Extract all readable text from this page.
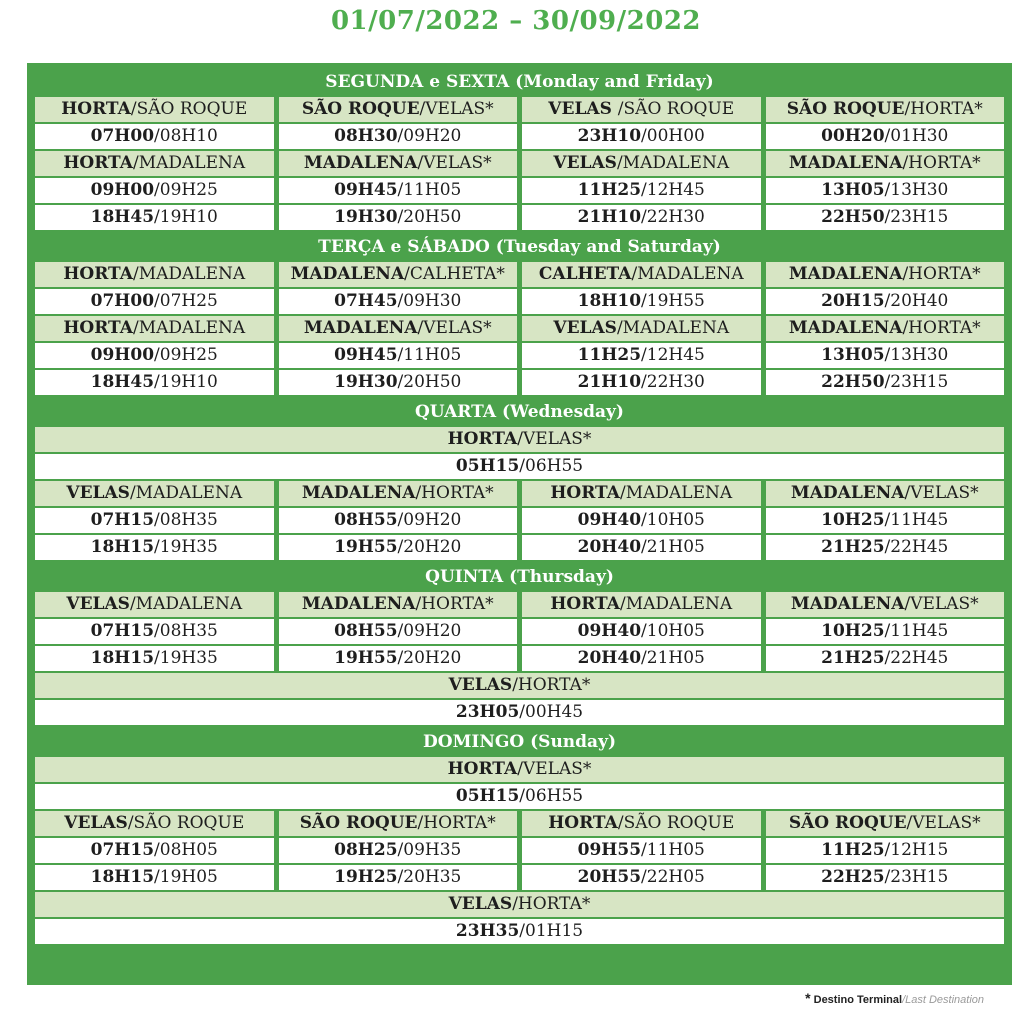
01/07/2022 – 30/09/2022
SEGUNDA e SEXTA (Monday and Friday)
HORTA/SÃO ROQUE	SÃO ROQUE/VELAS*	VELAS /SÃO ROQUE	SÃO ROQUE/HORTA*
07H00/08H10	08H30/09H20	23H10/00H00	00H20/01H30
HORTA/MADALENA	MADALENA/VELAS*	VELAS/MADALENA	MADALENA/HORTA*
09H00/09H25	09H45/11H05	11H25/12H45	13H05/13H30
18H45/19H10	19H30/20H50	21H10/22H30	22H50/23H15
TERÇA e SÁBADO (Tuesday and Saturday)
HORTA/MADALENA	MADALENA/CALHETA*	CALHETA/MADALENA	MADALENA/HORTA*
07H00/07H25	07H45/09H30	18H10/19H55	20H15/20H40
HORTA/MADALENA	MADALENA/VELAS*	VELAS/MADALENA	MADALENA/HORTA*
09H00/09H25	09H45/11H05	11H25/12H45	13H05/13H30
18H45/19H10	19H30/20H50	21H10/22H30	22H50/23H15
QUARTA (Wednesday)
HORTA/VELAS*
05H15/06H55
VELAS/MADALENA	MADALENA/HORTA*	HORTA/MADALENA	MADALENA/VELAS*
07H15/08H35	08H55/09H20	09H40/10H05	10H25/11H45
18H15/19H35	19H55/20H20	20H40/21H05	21H25/22H45
QUINTA (Thursday)
VELAS/MADALENA	MADALENA/HORTA*	HORTA/MADALENA	MADALENA/VELAS*
07H15/08H35	08H55/09H20	09H40/10H05	10H25/11H45
18H15/19H35	19H55/20H20	20H40/21H05	21H25/22H45
VELAS/HORTA*
23H05/00H45
DOMINGO (Sunday)
HORTA/VELAS*
05H15/06H55
VELAS/SÃO ROQUE	SÃO ROQUE/HORTA*	HORTA/SÃO ROQUE	SÃO ROQUE/VELAS*
07H15/08H05	08H25/09H35	09H55/11H05	11H25/12H15
18H15/19H05	19H25/20H35	20H55/22H05	22H25/23H15
VELAS/HORTA*
23H35/01H15
* Destino Terminal/Last Destination
